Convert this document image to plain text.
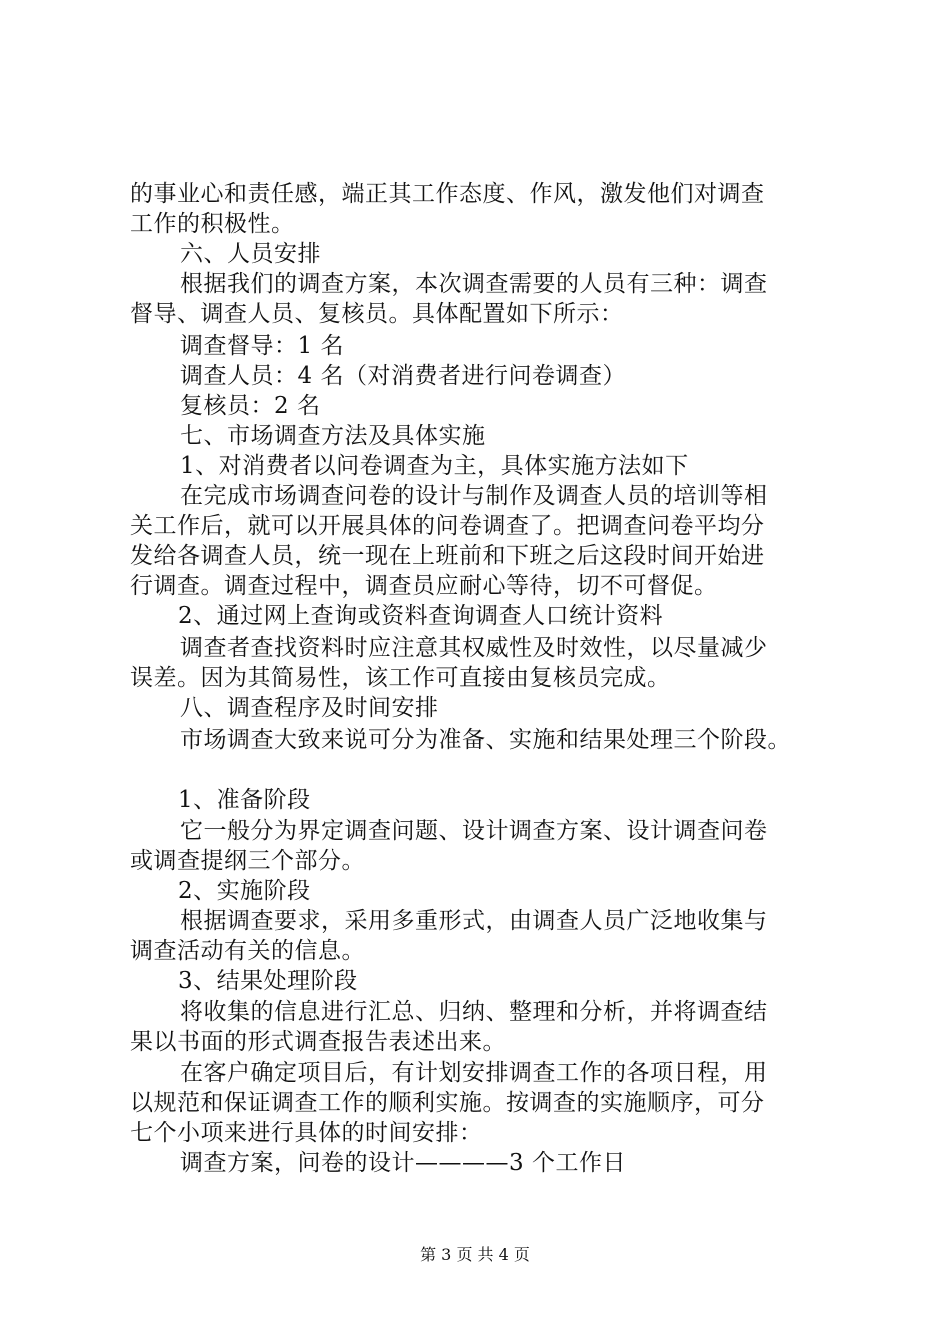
的事业心和责任感，端正其工作态度、作风，激发他们对调查
工作的积极性。
六、人员安排
根据我们的调查方案，本次调查需要的人员有三种：调查
督导、调查人员、复核员。具体配置如下所示：
调查督导：1 名
调查人员：4 名（对消费者进行问卷调查）
复核员：2 名
七、市场调查方法及具体实施
1、对消费者以问卷调查为主，具体实施方法如下
在完成市场调查问卷的设计与制作及调查人员的培训等相
关工作后，就可以开展具体的问卷调查了。把调查问卷平均分
发给各调查人员，统一现在上班前和下班之后这段时间开始进
行调查。调查过程中，调查员应耐心等待，切不可督促。
2、通过网上查询或资料查询调查人口统计资料
调查者查找资料时应注意其权威性及时效性，以尽量减少
误差。因为其简易性，该工作可直接由复核员完成。
八、调查程序及时间安排
市场调查大致来说可分为准备、实施和结果处理三个阶段。
1、准备阶段
它一般分为界定调查问题、设计调查方案、设计调查问卷
或调查提纲三个部分。
2、实施阶段
根据调查要求，采用多重形式，由调查人员广泛地收集与
调查活动有关的信息。
3、结果处理阶段
将收集的信息进行汇总、归纳、整理和分析，并将调查结
果以书面的形式调查报告表述出来。
在客户确定项目后，有计划安排调查工作的各项日程，用
以规范和保证调查工作的顺利实施。按调查的实施顺序，可分
七个小项来进行具体的时间安排：
调查方案，问卷的设计————3 个工作日
第 3 页 共 4 页
